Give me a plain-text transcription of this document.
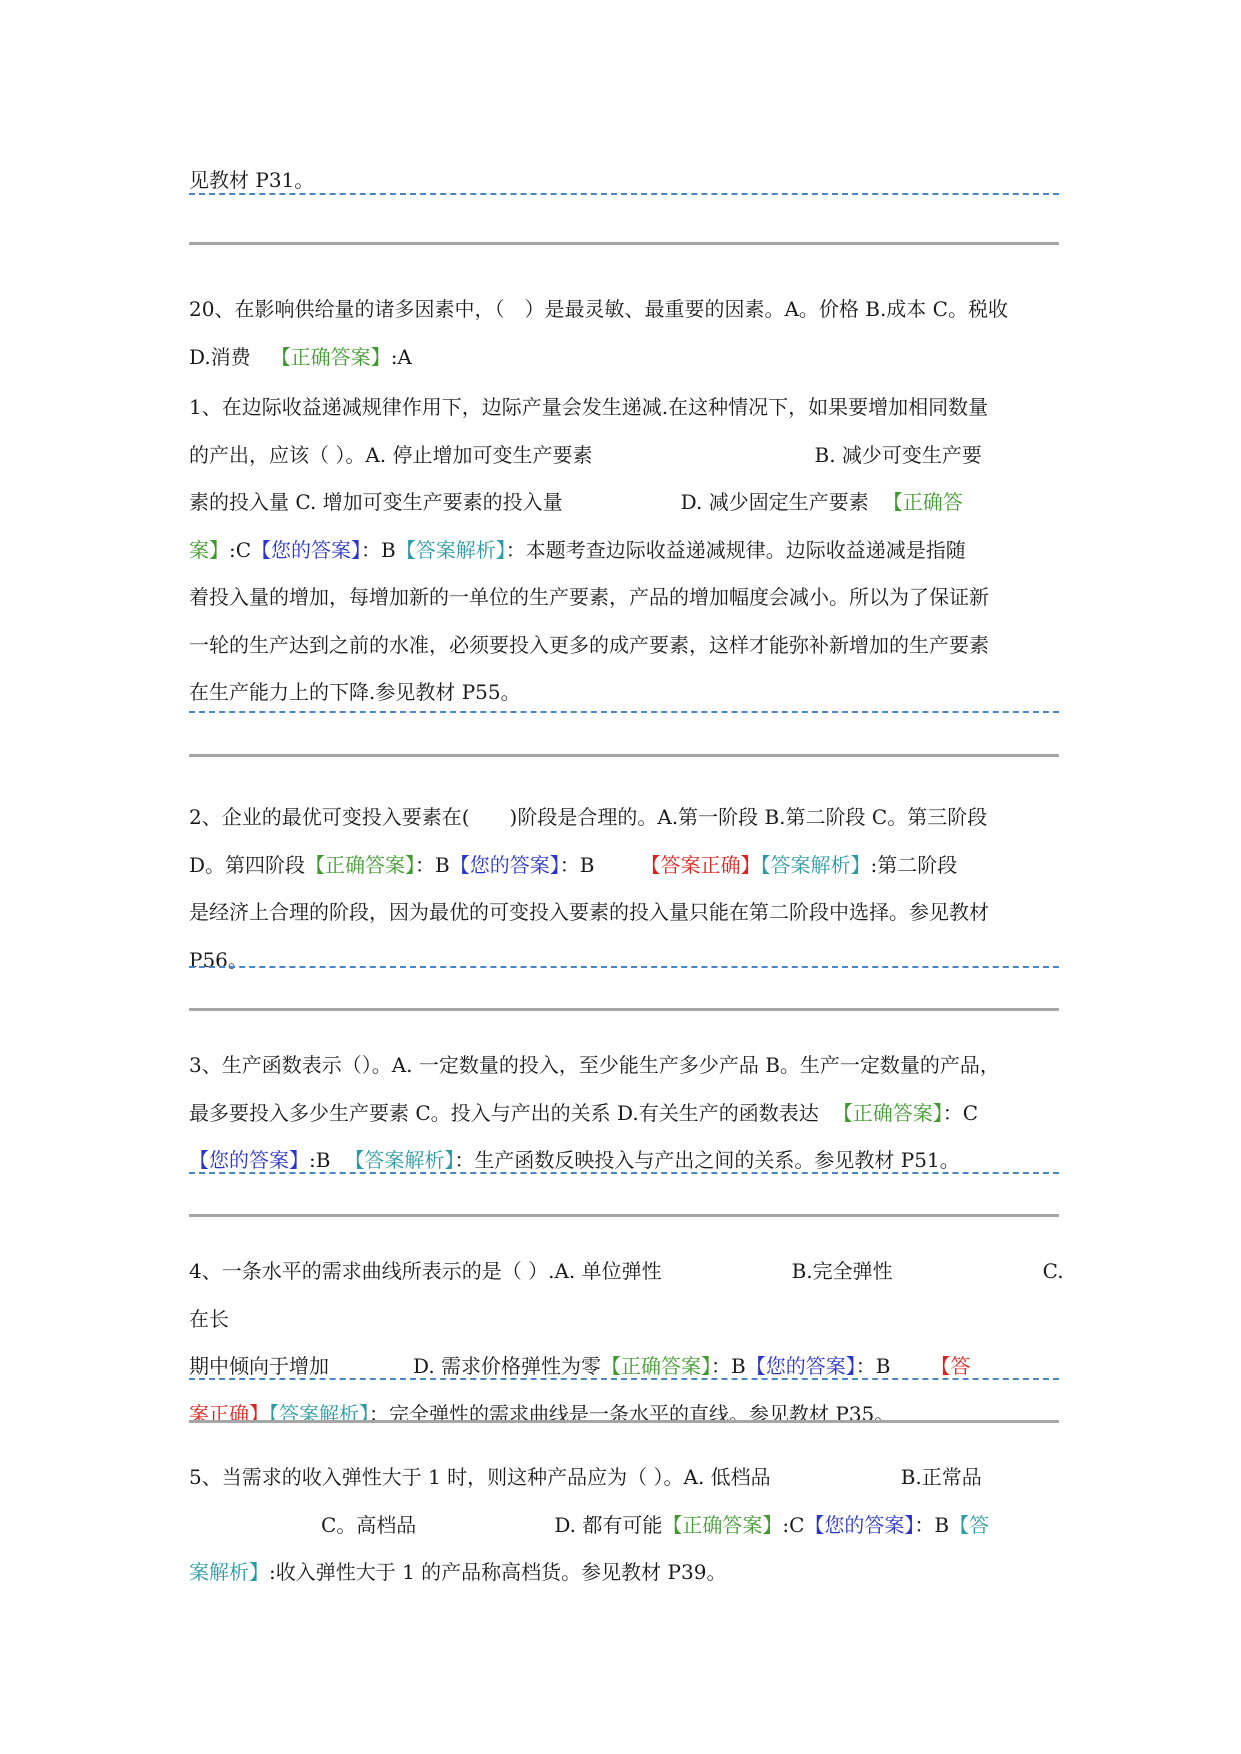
见教材 P31。

20、在影响供给量的诸多因素中，（　）是最灵敏、最重要的因素。A。价格 B.成本 C。税收
D.消费 【正确答案】:A

1、在边际收益递减规律作用下，边际产量会发生递减.在这种情况下，如果要增加相同数量
的产出，应该（ ）。A. 停止增加可变生产要素	B. 减少可变生产要
素的投入量 C. 增加可变生产要素的投入量	D. 减少固定生产要素 【正确答
案】:C【您的答案】：B【答案解析】：本题考查边际收益递减规律。边际收益递减是指随
着投入量的增加，每增加新的一单位的生产要素，产品的增加幅度会减小。所以为了保证新
一轮的生产达到之前的水准，必须要投入更多的成产要素，这样才能弥补新增加的生产要素
在生产能力上的下降.参见教材 P55。

2、企业的最优可变投入要素在(　　)阶段是合理的。A.第一阶段 B.第二阶段 C。第三阶段
D。第四阶段【正确答案】：B【您的答案】：B 【答案正确】【答案解析】:第二阶段
是经济上合理的阶段，因为最优的可变投入要素的投入量只能在第二阶段中选择。参见教材
P56。

3、生产函数表示（）。A. 一定数量的投入，至少能生产多少产品 B。生产一定数量的产品，
最多要投入多少生产要素 C。投入与产出的关系 D.有关生产的函数表达 【正确答案】：C
【您的答案】:B 【答案解析】：生产函数反映投入与产出之间的关系。参见教材 P51。

4、一条水平的需求曲线所表示的是（ ）.A. 单位弹性	B.完全弹性	C.在长
期中倾向于增加	D. 需求价格弹性为零【正确答案】：B【您的答案】：B 【答
案正确】【答案解析】：完全弹性的需求曲线是一条水平的直线。参见教材 P35。

5、当需求的收入弹性大于 1 时，则这种产品应为（ ）。A. 低档品	B.正常品
C。高档品	D. 都有可能【正确答案】:C【您的答案】：B【答
案解析】:收入弹性大于 1 的产品称高档货。参见教材 P39。
